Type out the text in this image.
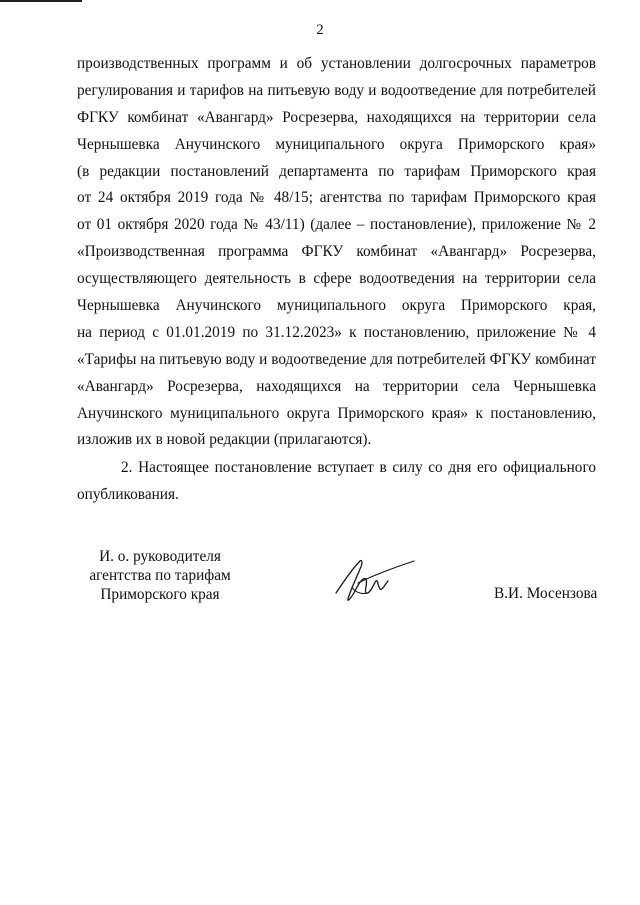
2
производственных программ и об установлении долгосрочных параметров
регулирования и тарифов на питьевую воду и водоотведение для потребителей
ФГКУ комбинат «Авангард» Росрезерва, находящихся на территории села
Чернышевка Анучинского муниципального округа Приморского края»
(в редакции постановлений департамента по тарифам Приморского края
от 24 октября 2019 года № 48/15; агентства по тарифам Приморского края
от 01 октября 2020 года № 43/11) (далее – постановление), приложение № 2
«Производственная программа ФГКУ комбинат «Авангард» Росрезерва,
осуществляющего деятельность в сфере водоотведения на территории села
Чернышевка Анучинского муниципального округа Приморского края,
на период с 01.01.2019 по 31.12.2023» к постановлению, приложение № 4
«Тарифы на питьевую воду и водоотведение для потребителей ФГКУ комбинат
«Авангард» Росрезерва, находящихся на территории села Чернышевка
Анучинского муниципального округа Приморского края» к постановлению,
изложив их в новой редакции (прилагаются).
2. Настоящее постановление вступает в силу со дня его официального
опубликования.
И. о. руководителя
агентства по тарифам
Приморского края	В.И. Мосензова
